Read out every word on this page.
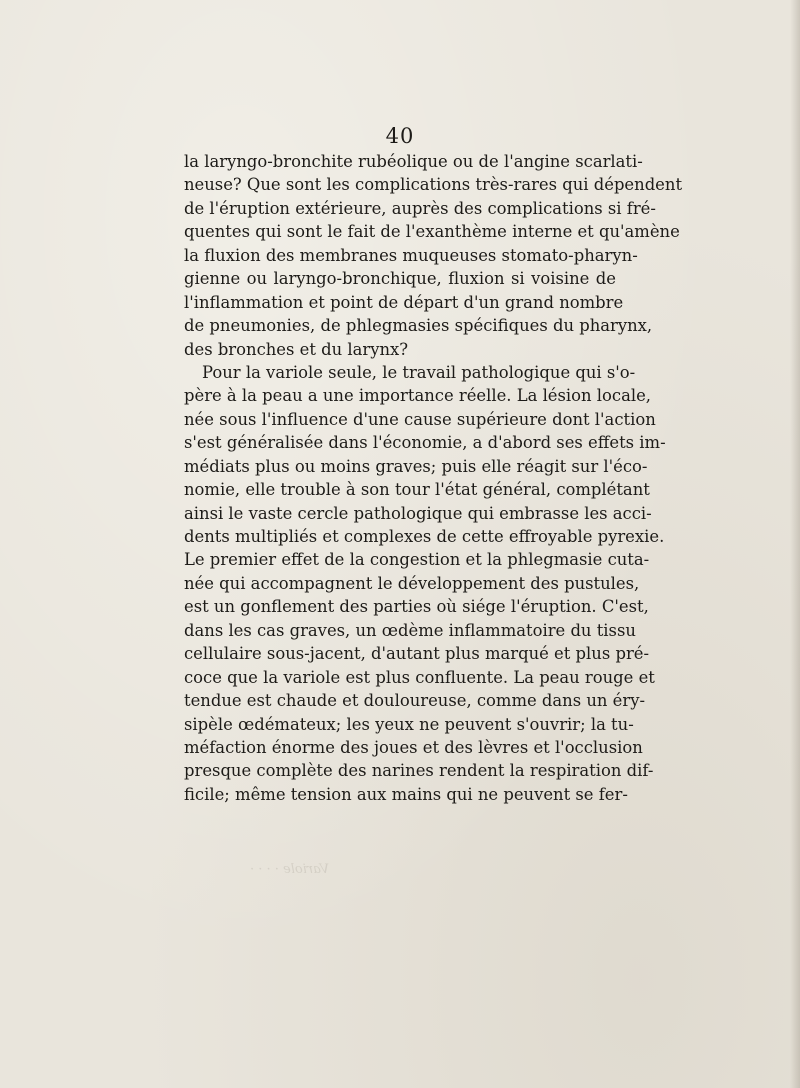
40
la laryngo-bronchite rubéolique ou de l'angine scarlati-
neuse? Que sont les complications très-rares qui dépendent
de l'éruption extérieure, auprès des complications si fré-
quentes qui sont le fait de l'exanthème interne et qu'amène
la fluxion des membranes muqueuses stomato-pharyn-
gienne ou laryngo-bronchique, fluxion si voisine de
l'inflammation et point de départ d'un grand nombre
de pneumonies, de phlegmasies spécifiques du pharynx,
des bronches et du larynx?
Pour la variole seule, le travail pathologique qui s'o-
père à la peau a une importance réelle. La lésion locale,
née sous l'influence d'une cause supérieure dont l'action
s'est généralisée dans l'économie, a d'abord ses effets im-
médiats plus ou moins graves; puis elle réagit sur l'éco-
nomie, elle trouble à son tour l'état général, complétant
ainsi le vaste cercle pathologique qui embrasse les acci-
dents multipliés et complexes de cette effroyable pyrexie.
Le premier effet de la congestion et la phlegmasie cuta-
née qui accompagnent le développement des pustules,
est un gonflement des parties où siége l'éruption. C'est,
dans les cas graves, un œdème inflammatoire du tissu
cellulaire sous-jacent, d'autant plus marqué et plus pré-
coce que la variole est plus confluente. La peau rouge et
tendue est chaude et douloureuse, comme dans un éry-
sipèle œdémateux; les yeux ne peuvent s'ouvrir; la tu-
méfaction énorme des joues et des lèvres et l'occlusion
presque complète des narines rendent la respiration dif-
ficile; même tension aux mains qui ne peuvent se fer-
Variole · · · ·
